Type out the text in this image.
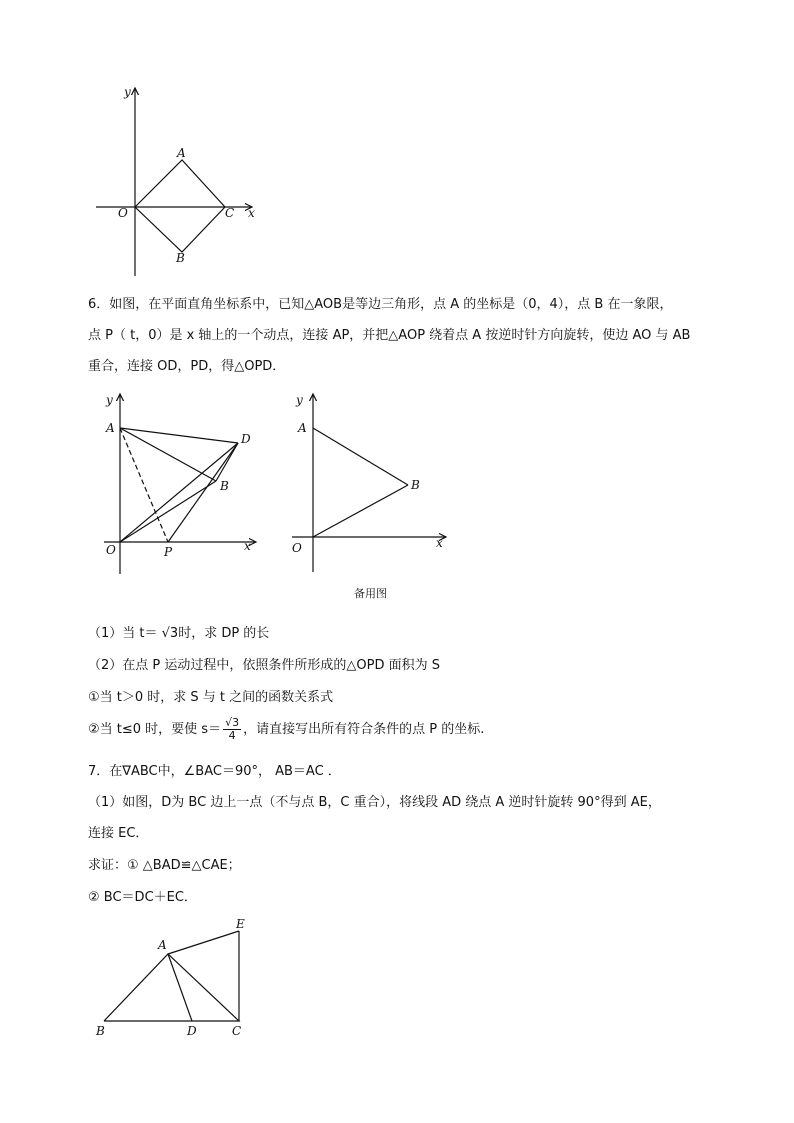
y
x
O
A
B
C
6．如图，在平面直角坐标系中，已知△AOB是等边三角形，点 A 的坐标是（0，4），点 B 在一象限，
点 P（ t，0）是 x 轴上的一个动点，连接 AP，并把△AOP 绕着点 A 按逆时针方向旋转，使边 AO 与 AB
重合，连接 OD，PD，得△OPD．
y
x
A
B
D
O	P
y
x
A
B
O
备用图
（1）当 t＝ √3时，求 DP 的长
（2）在点 P 运动过程中，依照条件所形成的△OPD 面积为 S
①当 t＞0 时，求 S 与 t 之间的函数关系式
②当 t≤0 时，要使 $s= \frac{√3}{4}$ ，请直接写出所有符合条件的点 P 的坐标.
7．在∇ABC中，∠BAC＝90°， AB＝AC ．
（1）如图，D为 BC 边上一点（不与点 B，C 重合），将线段 AD 绕点 A 逆时针旋转 90°得到 AE，
连接 EC．
求证：① △BAD≌△CAE；
② BC＝DC＋EC．
A
B	C
D
E
